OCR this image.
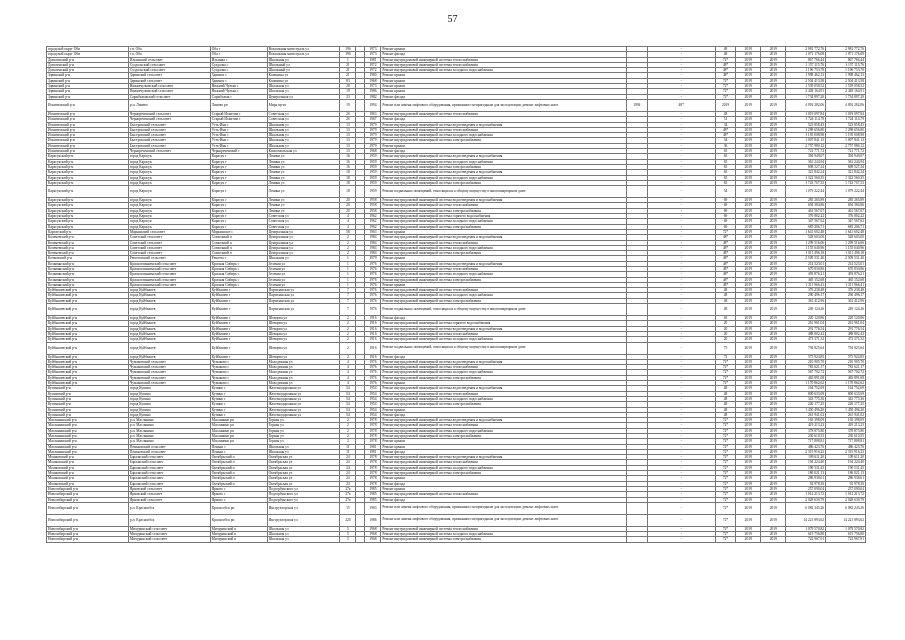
57
городской округ Оби	г.п. Оба	Оба г	Вокзальная магистраль ул	19б		1973	Ремонт крыши		-	48	2019	2019	2 981 772,76	2 981 772,76
городской округ Оби	г.п. Оба	Оба г	Вокзальная магистраль ул	19б		1973	Ремонт фасада		-	48	2019	2019	1 071 176,08	1 071 176,08
Доволенский р-н	Ильинский сельсовет	Ильинка с	Школьная ул	1		1981	Ремонт внутридомовой инженерной системы теплоснабжения		-	72*	2019	2019	867 766,44	867 766,44
Доволенский р-н	Суздальский сельсовет	Суздалка с	Школьный ул	21		1972	Ремонт внутридомовой инженерной системы теплоснабжения		-	48*	2019	2019	1 157 115,76	1 157 115,76
Доволенский р-н	Суздальский сельсовет	Суздалка с	Школьный ул	21		1972	Ремонт внутридомовой инженерной системы холодного водоснабжения		-	48*	2019	2019	1 196 753,78	1 196 753,78
Здвинский р-н	Здвинский сельсовет	Здвинск с	Калинина ул	21		1980	Ремонт крыши		-	48*	2019	2019	1 998 462,13	1 998 462,13
Здвинский р-н	Здвинский сельсовет	Здвинск с	Калинина ул	83		1968	Ремонт крыши		-	72*	2019	2019	2 504 413,58	2 504 413,58
Здвинский р-н	Нижнечулымский сельсовет	Нижний Чулым с	Школьная ул	20		1973	Ремонт крыши		-	72*	2019	2019	1 539 058,52	1 539 058,52
Здвинский р-н	Нижнечулымский сельсовет	Нижний Чулым с	Школьная ул	19		1986	Ремонт крыши		-	72*	2019	2019	2 449 164,91	2 449 164,91
Здвинский р-н	Сарыбалыкский сельсовет	Сарыбалык с	Центральная ул	23		1982	Ремонт фасада		-	72*	2019	2019	1 734 897,20	1 734 897,20
Искитимский р-н	р.п. Линево	Линево рп	Мира пр-кт	19		1994	Ремонт или замена лифтового оборудования, признанного непригодным для эксплуатации, ремонт лифтовых шахт	1994	48*	2019	2019	2019	4 092 282,06	4 092 282,06
Искитимский р-н	Чернореченский сельсовет	Старый Искитим с	Советская ул	2б		1963	Ремонт внутридомовой инженерной системы теплоснабжения		-	48	2019	2019	1 019 097,84	1 019 097,84
Искитимский р-н	Чернореченский сельсовет	Старый Искитим с	Советская ул	2б		1967	Ремонт фасада		-	51	2019	2019	1 724 114,79	1 724 114,79
Искитимский р-н	Быстровский сельсовет	Усть-Иня с	Школьная ул	13		1979	Ремонт внутридомовой инженерной системы водоотведения и водоснабжения		-	34	2019	2019	523 858,45	523 858,45
Искитимский р-н	Быстровский сельсовет	Усть-Иня с	Школьная ул	13		1979	Ремонт внутридомовой инженерной системы теплоснабжения		-	48*	2019	2019	1 298 656,80	1 298 656,80
Искитимский р-н	Быстровский сельсовет	Усть-Иня с	Школьная ул	13		1979	Ремонт внутридомовой инженерной системы холодного водоснабжения		-	48*	2019	2019	1 195 008,98	1 195 008,98
Искитимский р-н	Быстровский сельсовет	Усть-Иня с	Школьная ул	13		1979	Ремонт внутридомовой инженерной системы электроснабжения		-	34	2019	2019	1 007 841,13	1 007 841,13
Искитимский р-н	Быстровский сельсовет	Усть-Иня с	Школьная ул	13		1979	Ремонт крыши		-	36	2019	2019	2 757 980,12	2 757 980,12
Искитимский р-н	Чернореченский сельсовет	Чернореченский с	Комсомольская ул	13		1968	Ремонт фасада		-	65	2019	2019	721 771,72	721 771,72
Карасукский р-н	город Карасук	Карасук г	Ленина ул	16		1959	Ремонт внутридомовой инженерной системы водоотведения и водоснабжения		-	65	2019	2019	394 949,07	394 949,07
Карасукский р-н	город Карасук	Карасук г	Ленина ул	16		1959	Ремонт внутридомовой инженерной системы холодного водоснабжения		-	65	2019	2019	361 244,94	361 244,94
Карасукский р-н	город Карасук	Карасук г	Ленина ул	16		1959	Ремонт внутридомовой инженерной системы электроснабжения		-	65	2019	2019	698 527,24	698 527,24
Карасукский р-н	город Карасук	Карасук г	Ленина ул	18		1959	Ремонт внутридомовой инженерной системы водоотведения и водоснабжения		-	65	2019	2019	321 842,24	321 842,24
Карасукский р-н	город Карасук	Карасук г	Ленина ул	18		1959	Ремонт внутридомовой инженерной системы холодного водоснабжения		-	65	2019	2019	1 322 560,35	1 322 560,35
Карасукский р-н	город Карасук	Карасук г	Ленина ул	18		1959	Ремонт внутридомовой инженерной системы электроснабжения		-	65	2019	2019	1 743 707,53	1 743 707,53
Карасукский р-н	город Карасук	Карасук г	Ленина ул	18		1959	Ремонт подвальных помещений, относящихся к общему имуществу в многоквартирном доме		-	54	2019	2019	1 079 222,44	1 079 222,44
Карасукский р-н	город Карасук	Карасук г	Ленина ул	20		1958	Ремонт внутридомовой инженерной системы водоотведения и водоснабжения		-	69	2019	2019	285 265,89	285 265,89
Карасукский р-н	город Карасук	Карасук г	Ленина ул	20		1958	Ремонт внутридомовой инженерной системы теплоснабжения		-	69	2019	2019	694 384,86	694 384,86
Карасукский р-н	город Карасук	Карасук г	Ленина ул	20		1958	Ремонт внутридомовой инженерной системы электроснабжения		-	69	2019	2019	461 567,07	461 567,07
Карасукский р-н	город Карасук	Карасук г	Советская ул	4		1962	Ремонт внутридомовой инженерной системы горячего водоснабжения		-	69	2019	2019	376 802,22	376 802,22
Карасукский р-н	город Карасук	Карасук г	Советская ул	4		1962	Ремонт внутридомовой инженерной системы холодного водоснабжения		-	69	2019	2019	347 567,62	347 567,62
Карасукский р-н	город Карасук	Карасук г	Советская ул	4		1962	Ремонт внутридомовой инженерной системы электроснабжения		-	69	2019	2019	685 206,71	685 206,71
Каргатский р-н	Марьинский сельсовет	Марьинское с	Центральная ул	58		1963	Ремонт крыши		-	72*	2019	2019	1 641 602,48	1 641 602,48
Коченевский р-н	Советский сельсовет	Совхозный п	Центральная ул	2		1984	Ремонт внутридомовой инженерной системы водоотведения и водоснабжения		-	48*	2019	2019	528 603,00	528 603,00
Коченевский р-н	Советский сельсовет	Совхозный п	Центральная ул	2		1984	Ремонт внутридомовой инженерной системы теплоснабжения		-	48*	2019	2019	1 299 516,06	1 299 516,06
Коченевский р-н	Советский сельсовет	Совхозный п	Центральная ул	2		1984	Ремонт внутридомовой инженерной системы холодного водоснабжения		-	48*	2019	2019	1 155 640,96	1 155 640,96
Коченевский р-н	Советский сельсовет	Совхозный п	Центральная ул	2		1984	Ремонт внутридомовой инженерной системы электроснабжения		-	48*	2019	2019	1 011 496,18	1 011 496,18
Кочковский р-н	Решетовский сельсовет	Решеты с	Школьная ул	1		1979	Ремонт крыши		-	48*	2019	2019	2 509 531,40	2 509 531,40
Колыванский р-н	Красноглинненский сельсовет	Красная Сибирь с	Зеленая ул	1		1976	Ремонт внутридомовой инженерной системы водоотведения и водоснабжения		-	48*	2019	2019	214 523,01	214 523,01
Колыванский р-н	Красноглинненский сельсовет	Красная Сибирь с	Зеленая ул	1		1976	Ремонт внутридомовой инженерной системы теплоснабжения		-	48*	2019	2019	670 830,86	670 830,86
Колыванский р-н	Красноглинненский сельсовет	Красная Сибирь с	Зеленая ул	1		1976	Ремонт внутридомовой инженерной системы холодного водоснабжения		-	48*	2019	2019	493 876,21	493 876,21
Колыванский р-н	Красноглинненский сельсовет	Красная Сибирь с	Зеленая ул	1		1976	Ремонт внутридомовой инженерной системы электроснабжения		-	48*	2019	2019	465 152,68	465 152,68
Колыванский р-н	Красноглинненский сельсовет	Красная Сибирь с	Зеленая ул	1		1976	Ремонт крыши		-	48*	2019	2019	1 311 966,41	1 311 966,41
Куйбышевский р-н	город Куйбышев	Куйбышев г	Партизанская ул	7		1976	Ремонт внутридомовой инженерной системы теплоснабжения		-	48	2019	2019	376 238,48	376 238,48
Куйбышевский р-н	город Куйбышев	Куйбышев г	Партизанская ул	7		1976	Ремонт внутридомовой инженерной системы холодного водоснабжения		-	48	2019	2019	290 496,17	290 496,17
Куйбышевский р-н	город Куйбышев	Куйбышев г	Партизанская ул	7		1976	Ремонт внутридомовой инженерной системы электроснабжения		-	48	2019	2019	361 412,96	361 412,96
Куйбышевский р-н	город Куйбышев	Куйбышев г	Партизанская ул	7		1976	Ремонт подвальных помещений, относящихся к общему имуществу в многоквартирном доме		-	48	2019	2019	249 124,26	249 124,26
Куйбышевский р-н	город Куйбышев	Куйбышев г	Шевцова ул	2		1916	Ремонт фасада		-	65	2019	2019	220 120,86	220 120,86
Куйбышевский р-н	город Куйбышев	Куйбышев г	Шевцова ул	2		1916	Ремонт внутридомовой инженерной системы горячего водоснабжения		-	20	2019	2019	261 961,04	261 961,04
Куйбышевский р-н	город Куйбышев	Куйбышев г	Шевцова ул	2		1916	Ремонт внутридомовой инженерной системы водоотведения и водоснабжения		-	20	2019	2019	291 776,54	291 776,54
Куйбышевский р-н	город Куйбышев	Куйбышев г	Шевцова ул	2		1916	Ремонт внутридомовой инженерной системы теплоснабжения		-	20	2019	2019	488 802,42	488 802,42
Куйбышевский р-н	город Куйбышев	Куйбышев г	Шевцова ул	2		1916	Ремонт внутридомовой инженерной системы холодного водоснабжения		-	20	2019	2019	473 371,32	473 371,32
Куйбышевский р-н	город Куйбышев	Куйбышев г	Шевцова ул	2		1916	Ремонт подвальных помещений, относящихся к общему имуществу в многоквартирном доме		-	75	2019	2019	794 825,64	794 825,64
Куйбышевский р-н	город Куйбышев	Куйбышев г	Шевцова ул	2		1916	Ремонт фасада		-	72	2019	2019	575 924,85	575 924,85
Куйбышевский р-н	Чумаковский сельсовет	Чумаково с	Молодежная ул	4		1976	Ремонт внутридомовой инженерной системы водоотведения и водоснабжения		-	72*	2019	2019	210 905,70	210 905,70
Куйбышевский р-н	Чумаковский сельсовет	Чумаково с	Молодежная ул	4		1976	Ремонт внутридомовой инженерной системы теплоснабжения		-	72*	2019	2019	783 621,17	783 621,17
Куйбышевский р-н	Чумаковский сельсовет	Чумаково с	Молодежная ул	4		1976	Ремонт внутридомовой инженерной системы холодного водоснабжения		-	72*	2019	2019	567 702,72	567 702,72
Куйбышевский р-н	Чумаковский сельсовет	Чумаково с	Молодежная ул	4		1976	Ремонт внутридомовой инженерной системы электроснабжения		-	72*	2019	2019	465 891,08	465 891,08
Куйбышевский р-н	Чумаковский сельсовет	Чумаково с	Молодежная ул	4		1976	Ремонт крыши		-	72*	2019	2019	1 170 862,62	1 170 862,62
Купинский р-н	город Купино	Купино г	Железнодорожная ул	54		1954	Ремонт внутридомовой инженерной системы водоотведения и водоснабжения		-	48	2019	2019	164 752,69	164 752,69
Купинский р-н	город Купино	Купино г	Железнодорожная ул	54		1954	Ремонт внутридомовой инженерной системы теплоснабжения		-	48	2019	2019	800 633,69	800 633,69
Купинский р-н	город Купино	Купино г	Железнодорожная ул	54		1954	Ремонт внутридомовой инженерной системы холодного водоснабжения		-	48	2019	2019	343 775,36	343 775,36
Купинский р-н	город Купино	Купино г	Железнодорожная ул	54		1954	Ремонт внутридомовой инженерной системы электроснабжения		-	48	2019	2019	220 177,25	220 177,25
Купинский р-н	город Купино	Купино г	Железнодорожная ул	54		1954	Ремонт крыши		-	48	2019	2019	1 450 496,20	1 450 496,20
Купинский р-н	город Купино	Купино г	Железнодорожная ул	54		1954	Ремонт фасада		-	48	2019	2019	261 941,02	261 941,02
Маслянинский р-н	р.п. Маслянино	Маслянино рп	Горная ул	2		1978	Ремонт внутридомовой инженерной системы водоотведения и водоснабжения		-	72*	2019	2019	165 398,09	165 398,09
Маслянинский р-н	р.п. Маслянино	Маслянино рп	Горная ул	2		1978	Ремонт внутридомовой инженерной системы теплоснабжения		-	72*	2019	2019	419 213,23	419 213,23
Маслянинский р-н	р.п. Маслянино	Маслянино рп	Горная ул	2		1978	Ремонт внутридомовой инженерной системы холодного водоснабжения		-	72*	2019	2019	378 875,80	378 875,80
Маслянинский р-н	р.п. Маслянино	Маслянино рп	Горная ул	2		1978	Ремонт внутридомовой инженерной системы электроснабжения		-	72*	2019	2019	230 610,55	230 610,55
Маслянинский р-н	р.п. Маслянино	Маслянино рп	Горная ул	2		1978	Ремонт крыши		-	72*	2019	2019	717 808,81	717 808,81
Маслянинский р-н	Пеньковский сельсовет	Пеньки с	Школьная ул	11		1981	Ремонт крыши		-	72*	2019	2019	486 423,76	486 423,76
Маслянинский р-н	Пеньковский сельсовет	Пеньки с	Школьная ул	11		1981	Ремонт фасада		-	72*	2019	2019	2 315 916,23	2 315 916,23
Мошковский р-н	Барлакский сельсовет	Октябрьский п	Октябрьская ул	24		1978	Ремонт внутридомовой инженерной системы водоотведения и водоснабжения		-	72*	2019	2019	109 611,20	109 611,20
Мошковский р-н	Барлакский сельсовет	Октябрьский п	Октябрьская ул	24		1978	Ремонт внутридомовой инженерной системы теплоснабжения		-	72*	2019	2019	194 224,40	194 224,40
Мошковский р-н	Барлакский сельсовет	Октябрьский п	Октябрьская ул	24		1978	Ремонт внутридомовой инженерной системы холодного водоснабжения		-	72*	2019	2019	190 531,45	190 531,45
Мошковский р-н	Барлакский сельсовет	Октябрьский п	Октябрьская ул	24		1978	Ремонт внутридомовой инженерной системы электроснабжения		-	72*	2019	2019	186 021,13	186 021,13
Мошковский р-н	Барлакский сельсовет	Октябрьский п	Октябрьская ул	24		1978	Ремонт крыши		-	72*	2019	2019	286 938,61	286 938,61
Мошковский р-н	Барлакский сельсовет	Октябрьский п	Октябрьская ул	24		1978	Ремонт фасада		-	72*	2019	2019	92 978,30	92 978,30
Новосибирский р-н	Ярковский сельсовет	Ярково с	Подгорбунского ул	27а		1985	Ремонт крыши		-	72*	2019	2019	257 090,04	257 090,04
Новосибирский р-н	Ярковский сельсовет	Ярково с	Подгорбунского ул	27а		1985	Ремонт внутридомовой инженерной системы теплоснабжения		-	72*	2019	2019	1 012 213,72	1 012 213,72
Новосибирский р-н	Ярковский сельсовет	Ярково с	Подгорбунского ул	27а		1985	Ремонт фасада		-	72*	2019	2019	2 028 639,79	2 028 639,79
Новосибирский р-н	р.п. Краснообск	Краснообск рп	Инструкторская ул	15		1983	Ремонт или замена лифтового оборудования, признанного непригодным для эксплуатации, ремонт лифтовых шахт		-	72*	2019	2019	6 082 245,26	6 082 245,26
Новосибирский р-н	р.п. Краснообск	Краснообск рп	Инструкторская ул	220		1986	Ремонт или замена лифтового оборудования, признанного непригодным для эксплуатации, ремонт лифтовых шахт		-	72*	2019	2019	14 221 893,62	14 221 893,62
Новосибирский р-н	Мичуринский сельсовет	Мичуринский п	Школьная ул	5		1968	Ремонт внутридомовой инженерной системы теплоснабжения		-	72*	2019	2019	1 079 570,82	1 079 570,82
Новосибирский р-н	Мичуринский сельсовет	Мичуринский п	Школьная ул	5		1968	Ремонт внутридомовой инженерной системы холодного водоснабжения		-	72*	2019	2019	615 756,80	615 756,80
Новосибирский р-н	Мичуринский сельсовет	Мичуринский п	Школьная ул	5		1968	Ремонт внутридомовой инженерной системы электроснабжения		-	72*	2019	2019	722 967,91	722 967,91
